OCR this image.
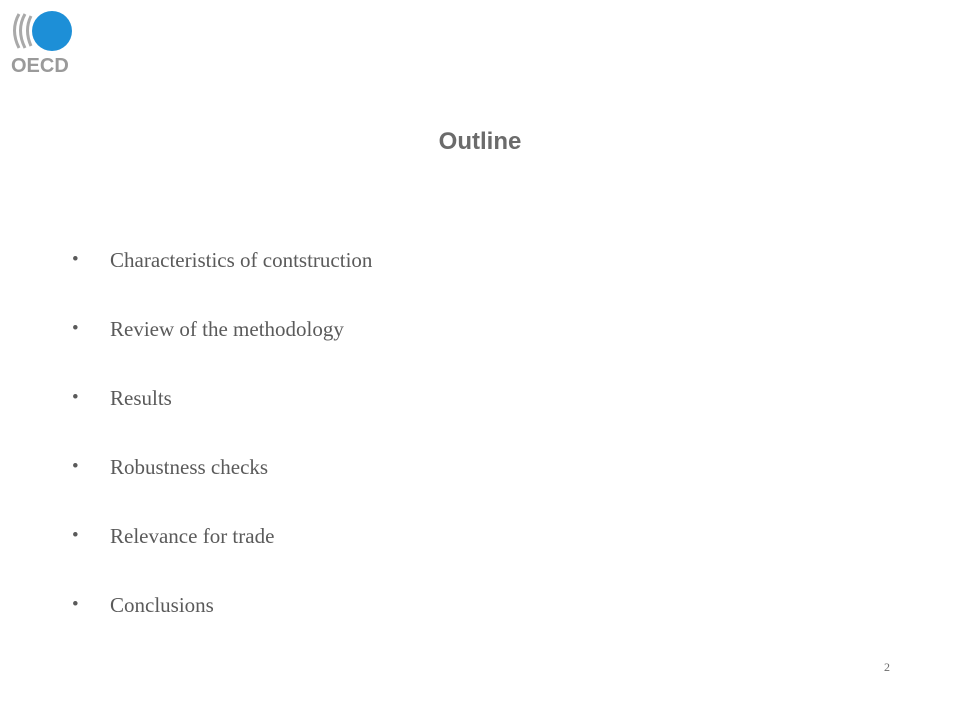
OECD
Outline
• Characteristics of contstruction
• Review of the methodology
• Results
• Robustness checks
• Relevance for trade
• Conclusions
2
